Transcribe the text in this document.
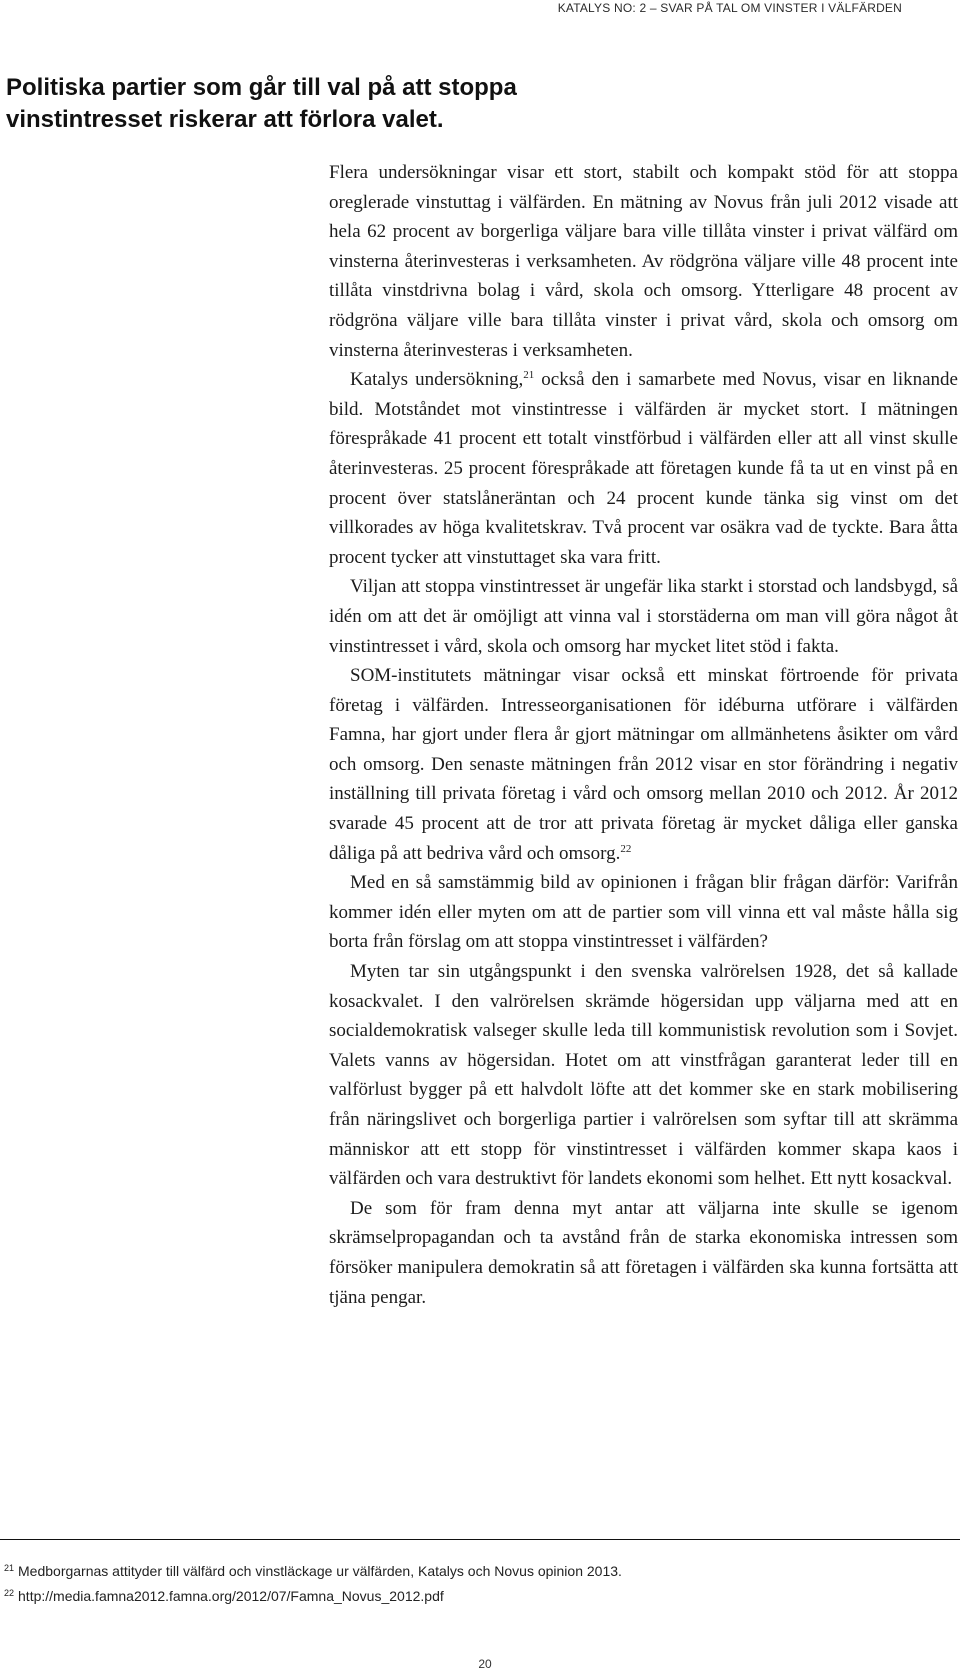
KATALYS NO: 2 – SVAR PÅ TAL OM VINSTER I VÄLFÄRDEN
Politiska partier som går till val på att stoppa vinstintresset riskerar att förlora valet.

Flera undersökningar visar ett stort, stabilt och kompakt stöd för att stoppa oreglerade vinstuttag i välfärden. En mätning av Novus från juli 2012 visade att hela 62 procent av borgerliga väljare bara ville tillåta vinster i privat välfärd om vinsterna återinvesteras i verksamheten. Av rödgröna väljare ville 48 procent inte tillåta vinstdrivna bolag i vård, skola och omsorg. Ytterligare 48 procent av rödgröna väljare ville bara tillåta vinster i privat vård, skola och omsorg om vinsterna återinvesteras i verksamheten.

Katalys undersökning,$^{21}$ också den i samarbete med Novus, visar en liknande bild. Motståndet mot vinstintresse i välfärden är mycket stort. I mätningen förespråkade 41 procent ett totalt vinstförbud i välfärden eller att all vinst skulle återinvesteras. 25 procent förespråkade att företagen kunde få ta ut en vinst på en procent över statslåneräntan och 24 procent kunde tänka sig vinst om det villkorades av höga kvalitetskrav. Två procent var osäkra vad de tyckte. Bara åtta procent tycker att vinstuttaget ska vara fritt.

Viljan att stoppa vinstintresset är ungefär lika starkt i storstad och landsbygd, så idén om att det är omöjligt att vinna val i storstäderna om man vill göra något åt vinstintresset i vård, skola och omsorg har mycket litet stöd i fakta.

SOM-institutets mätningar visar också ett minskat förtroende för privata företag i välfärden. Intresseorganisationen för idéburna utförare i välfärden Famna, har gjort under flera år gjort mätningar om allmänhetens åsikter om vård och omsorg. Den senaste mätningen från 2012 visar en stor förändring i negativ inställning till privata företag i vård och omsorg mellan 2010 och 2012. År 2012 svarade 45 procent att de tror att privata företag är mycket dåliga eller ganska dåliga på att bedriva vård och omsorg.$^{22}$

Med en så samstämmig bild av opinionen i frågan blir frågan därför: Varifrån kommer idén eller myten om att de partier som vill vinna ett val måste hålla sig borta från förslag om att stoppa vinstintresset i välfärden?

Myten tar sin utgångspunkt i den svenska valrörelsen 1928, det så kallade kosackvalet. I den valrörelsen skrämde högersidan upp väljarna med att en socialdemokratisk valseger skulle leda till kommunistisk revolution som i Sovjet. Valets vanns av högersidan. Hotet om att vinstfrågan garanterat leder till en valförlust bygger på ett halvdolt löfte att det kommer ske en stark mobilisering från näringslivet och borgerliga partier i valrörelsen som syftar till att skrämma människor att ett stopp för vinstintresset i välfärden kommer skapa kaos i välfärden och vara destruktivt för landets ekonomi som helhet. Ett nytt kosackval.

De som för fram denna myt antar att väljarna inte skulle se igenom skrämselpropagandan och ta avstånd från de starka ekonomiska intressen som försöker manipulera demokratin så att företagen i välfärden ska kunna fortsätta att tjäna pengar.

$^{21}$ Medborgarnas attityder till välfärd och vinstläckage ur välfärden, Katalys och Novus opinion 2013.
$^{22}$ http://media.famna2012.famna.org/2012/07/Famna_Novus_2012.pdf
20
